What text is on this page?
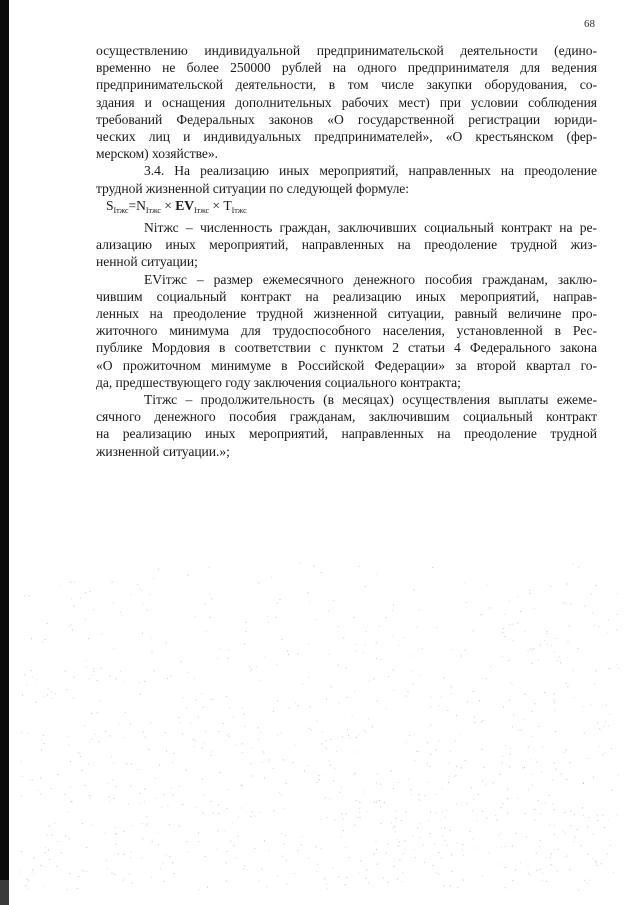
68
осуществлению индивидуальной предпринимательской деятельности (едино-
временно не более 250000 рублей на одного предпринимателя для ведения
предпринимательской деятельности, в том числе закупки оборудования, со-
здания и оснащения дополнительных рабочих мест) при условии соблюдения
требований Федеральных законов «О государственной регистрации юриди-
ческих лиц и индивидуальных предпринимателей», «О крестьянском (фер-
мерском) хозяйстве».
3.4. На реализацию иных мероприятий, направленных на преодоление
трудной жизненной ситуации по следующей формуле:
$S_{Iтжс}=N_{Iтжс} \times EV_{Iтжс} \times T_{Iтжс}$
Nітжс – численность граждан, заключивших социальный контракт на ре-
ализацию иных мероприятий, направленных на преодоление трудной жиз-
ненной ситуации;
EVітжс – размер ежемесячного денежного пособия гражданам, заклю-
чившим социальный контракт на реализацию иных мероприятий, направ-
ленных на преодоление трудной жизненной ситуации, равный величине про-
житочного минимума для трудоспособного населения, установленной в Рес-
публике Мордовия в соответствии с пунктом 2 статьи 4 Федерального закона
«О прожиточном минимуме в Российской Федерации» за второй квартал го-
да, предшествующего году заключения социального контракта;
Tітжс – продолжительность (в месяцах) осуществления выплаты ежеме-
сячного денежного пособия гражданам, заключившим социальный контракт
на реализацию иных мероприятий, направленных на преодоление трудной
жизненной ситуации.»;
